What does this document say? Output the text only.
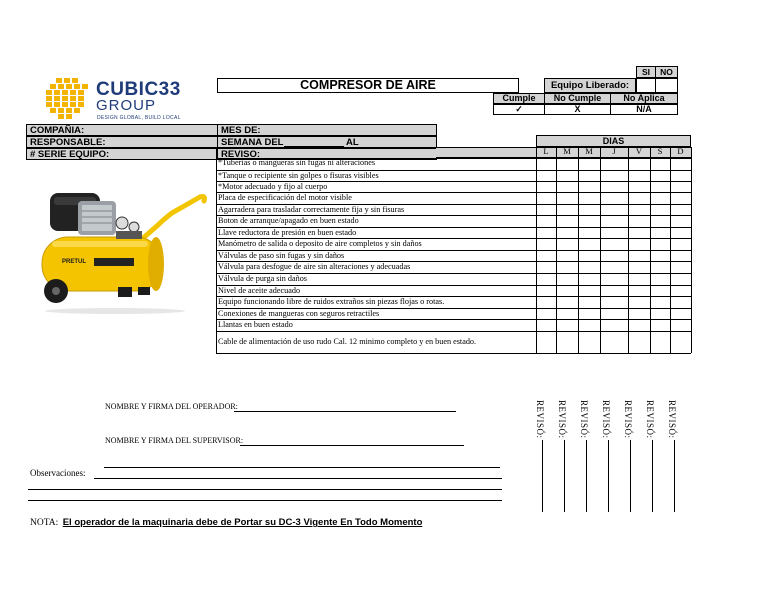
CUBIC33
GROUP
DESIGN GLOBAL, BUILD LOCAL
COMPRESOR DE AIRE
SI	NO
Equipo Liberado:
Cumple	No Cumple	No Aplica
✓	X	N/A
COMPAÑIA:
RESPONSABLE:
# SERIE EQUIPO:
MES DE:
SEMANA DEL	AL
REVISO:
DIAS
L	M	M	J	V	S	D
*Tuberias o mangueras sin fugas ni alteraciones
*Tanque o recipiente sin golpes o fisuras visibles
*Motor adecuado y fijo al cuerpo
Placa de especificación del motor visible
Agarradera para trasladar correctamente fija y sin fisuras
Boton de arranque/apagado en buen estado
Llave reductora de presión en buen estado
Manómetro de salida o deposito de aire completos y sin daños
Válvulas de paso sin fugas y sin daños
Válvula para desfogue de aire sin alteraciones y adecuadas
Válvula de purga sin daños
Nivel de aceite adecuado
Equipo funcionando libre de ruidos extraños sin piezas flojas o rotas.
Conexiones de mangueras con seguros retractiles
Llantas en buen estado
Cable de alimentación de uso rudo Cal. 12 minimo completo y en buen estado.
PRETUL
NOMBRE Y FIRMA DEL OPERADOR:
NOMBRE Y FIRMA DEL SUPERVISOR:
Observaciones:
REVISÓ: REVISÓ: REVISÓ: REVISÓ: REVISÓ: REVISÓ: REVISÓ:
NOTA: El operador de la maquinaria debe de Portar su DC-3 Vigente En Todo Momento
